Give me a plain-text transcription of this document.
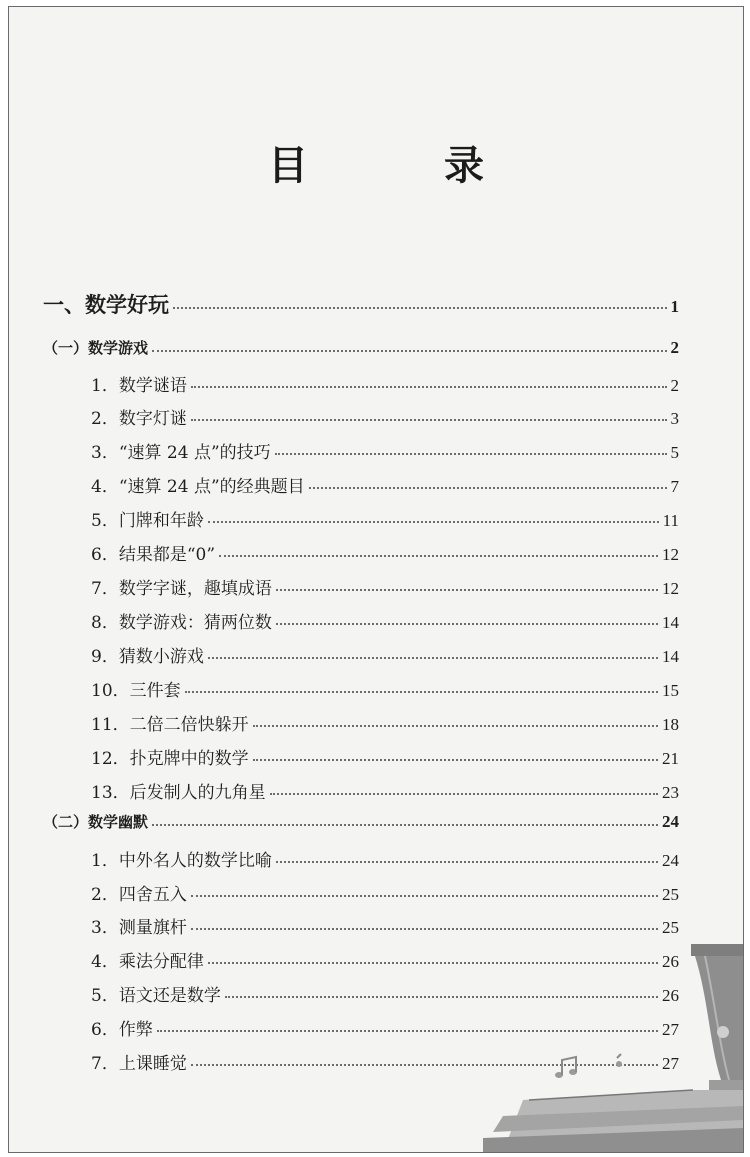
目　录
一、数学好玩	1
（一）数学游戏	2
1．数学谜语	2
2．数字灯谜	3
3．“速算 24 点”的技巧	5
4．“速算 24 点”的经典题目	7
5．门牌和年龄	11
6．结果都是“0”	12
7．数学字谜，趣填成语	12
8．数学游戏：猜两位数	14
9．猜数小游戏	14
10．三件套	15
11．二倍二倍快躲开	18
12．扑克牌中的数学	21
13．后发制人的九角星	23
（二）数学幽默	24
1．中外名人的数学比喻	24
2．四舍五入	25
3．测量旗杆	25
4．乘法分配律	26
5．语文还是数学	26
6．作弊	27
7．上课睡觉	27
